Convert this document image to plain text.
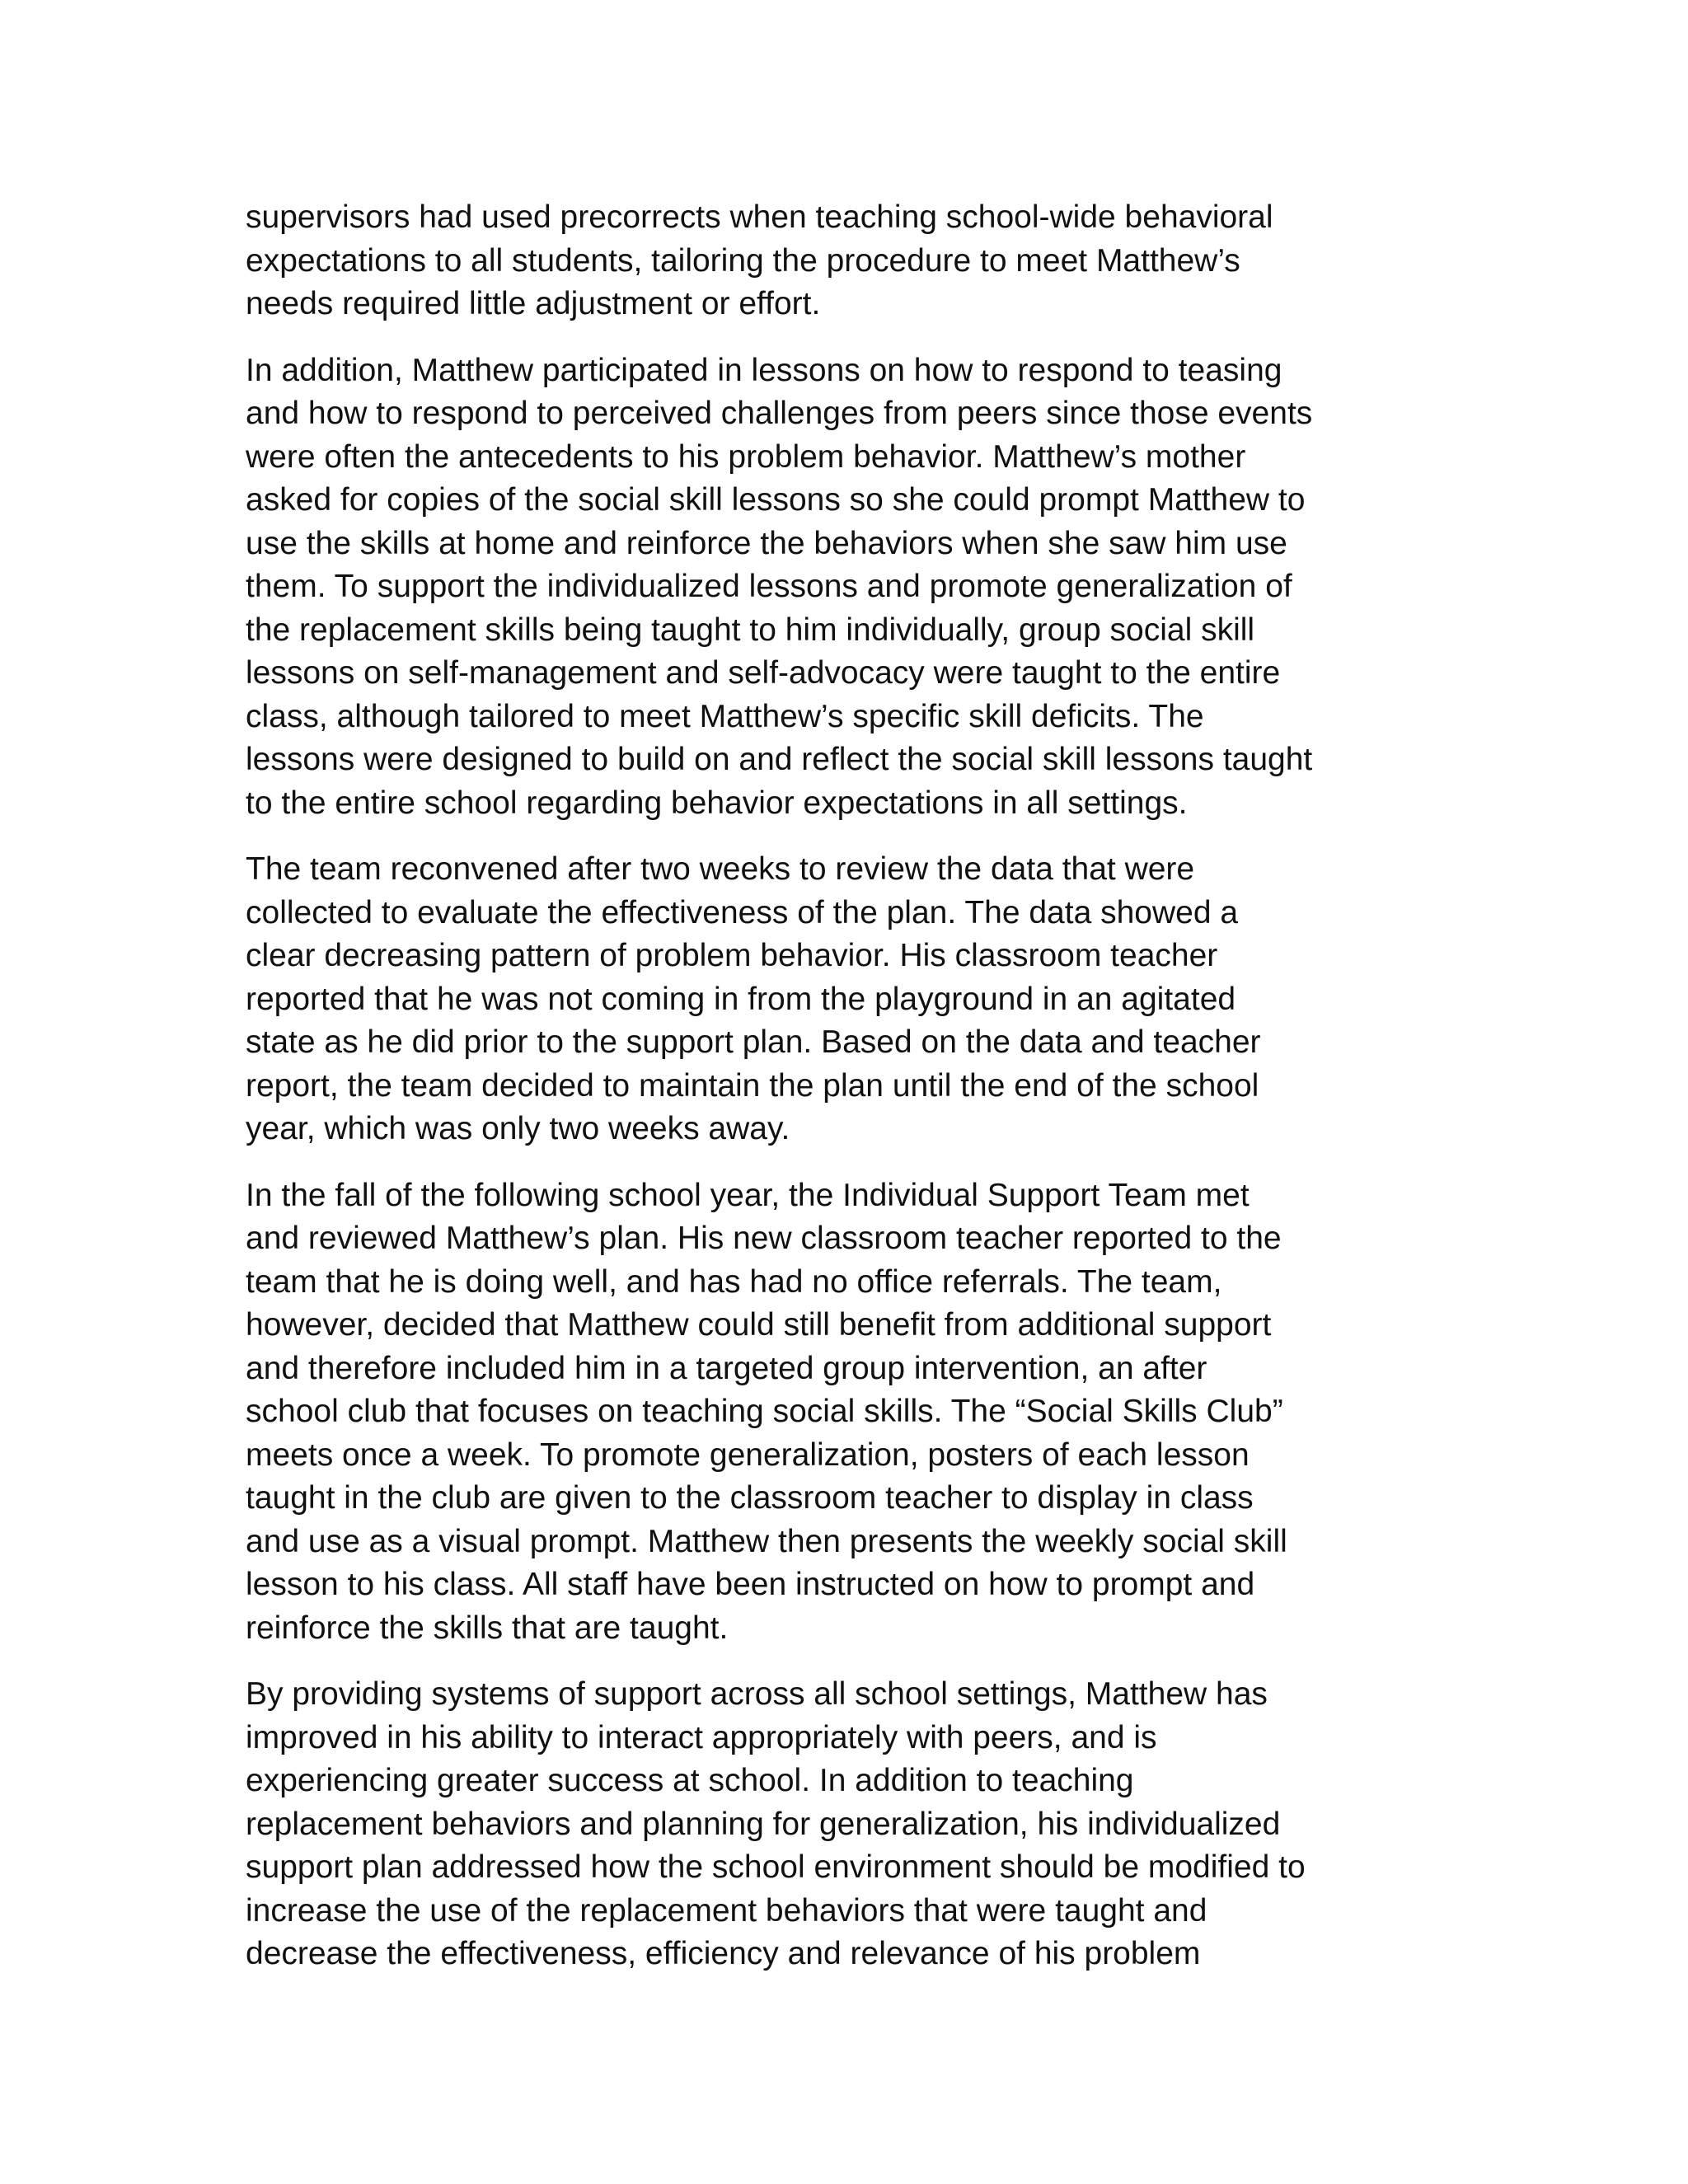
supervisors had used precorrects when teaching school-wide behavioral
expectations to all students, tailoring the procedure to meet Matthew’s
needs required little adjustment or effort.

In addition, Matthew participated in lessons on how to respond to teasing
and how to respond to perceived challenges from peers since those events
were often the antecedents to his problem behavior. Matthew’s mother
asked for copies of the social skill lessons so she could prompt Matthew to
use the skills at home and reinforce the behaviors when she saw him use
them. To support the individualized lessons and promote generalization of
the replacement skills being taught to him individually, group social skill
lessons on self-management and self-advocacy were taught to the entire
class, although tailored to meet Matthew’s specific skill deficits. The
lessons were designed to build on and reflect the social skill lessons taught
to the entire school regarding behavior expectations in all settings.

The team reconvened after two weeks to review the data that were
collected to evaluate the effectiveness of the plan. The data showed a
clear decreasing pattern of problem behavior. His classroom teacher
reported that he was not coming in from the playground in an agitated
state as he did prior to the support plan. Based on the data and teacher
report, the team decided to maintain the plan until the end of the school
year, which was only two weeks away.

In the fall of the following school year, the Individual Support Team met
and reviewed Matthew’s plan. His new classroom teacher reported to the
team that he is doing well, and has had no office referrals. The team,
however, decided that Matthew could still benefit from additional support
and therefore included him in a targeted group intervention, an after
school club that focuses on teaching social skills. The “Social Skills Club”
meets once a week. To promote generalization, posters of each lesson
taught in the club are given to the classroom teacher to display in class
and use as a visual prompt. Matthew then presents the weekly social skill
lesson to his class. All staff have been instructed on how to prompt and
reinforce the skills that are taught.

By providing systems of support across all school settings, Matthew has
improved in his ability to interact appropriately with peers, and is
experiencing greater success at school. In addition to teaching
replacement behaviors and planning for generalization, his individualized
support plan addressed how the school environment should be modified to
increase the use of the replacement behaviors that were taught and
decrease the effectiveness, efficiency and relevance of his problem
